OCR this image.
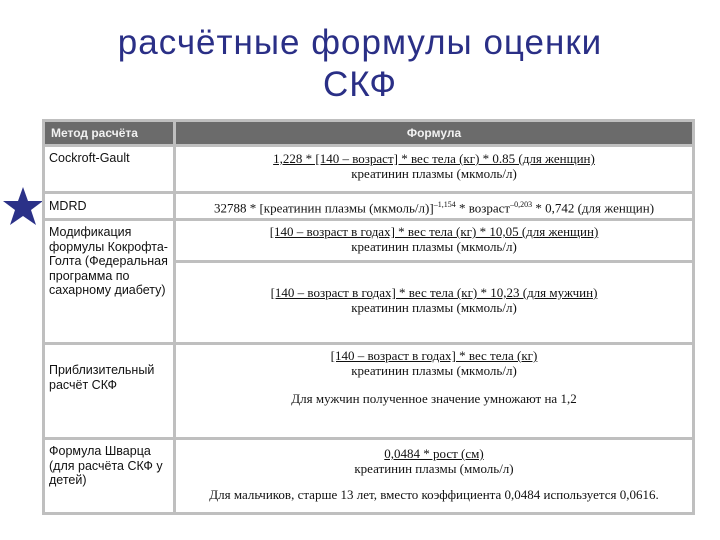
расчётные формулы оценки
СКФ
Метод расчёта	Формула
Cockroft-Gault	$\frac{\text{1,228 * [140 – возраст] * вес тела (кг) * 0.85 (для женщин)}}{\text{креатинин плазмы (мкмоль/л)}}$

MDRD	32788 * [креатинин плазмы (мкмоль/л)]$^{-1,154}$ * возраст$^{-0,203}$ * 0,742 (для женщин)
Модификация формулы Кокрофта-Голта (Федеральная программа по сахарному диабету)	$\frac{\text{[140 – возраст в годах] * вес тела (кг) * 10,05 (для женщин)}}{\text{креатинин плазмы (мкмоль/л)}}$
$\frac{\text{[140 – возраст в годах] * вес тела (кг) * 10,23 (для мужчин)}}{\text{креатинин плазмы (мкмоль/л)}}$

Приблизительный расчёт СКФ	$\frac{\text{[140 – возраст в годах] * вес тела (кг)}}{\text{креатинин плазмы (мкмоль/л)}}$
Для мужчин полученное значение умножают на 1,2

Формула Шварца (для расчёта СКФ у детей)	$\frac{\text{0,0484 * рост (см)}}{\text{креатинин плазмы (ммоль/л)}}$
Для мальчиков, старше 13 лет, вместо коэффициента 0,0484 используется 0,0616.
